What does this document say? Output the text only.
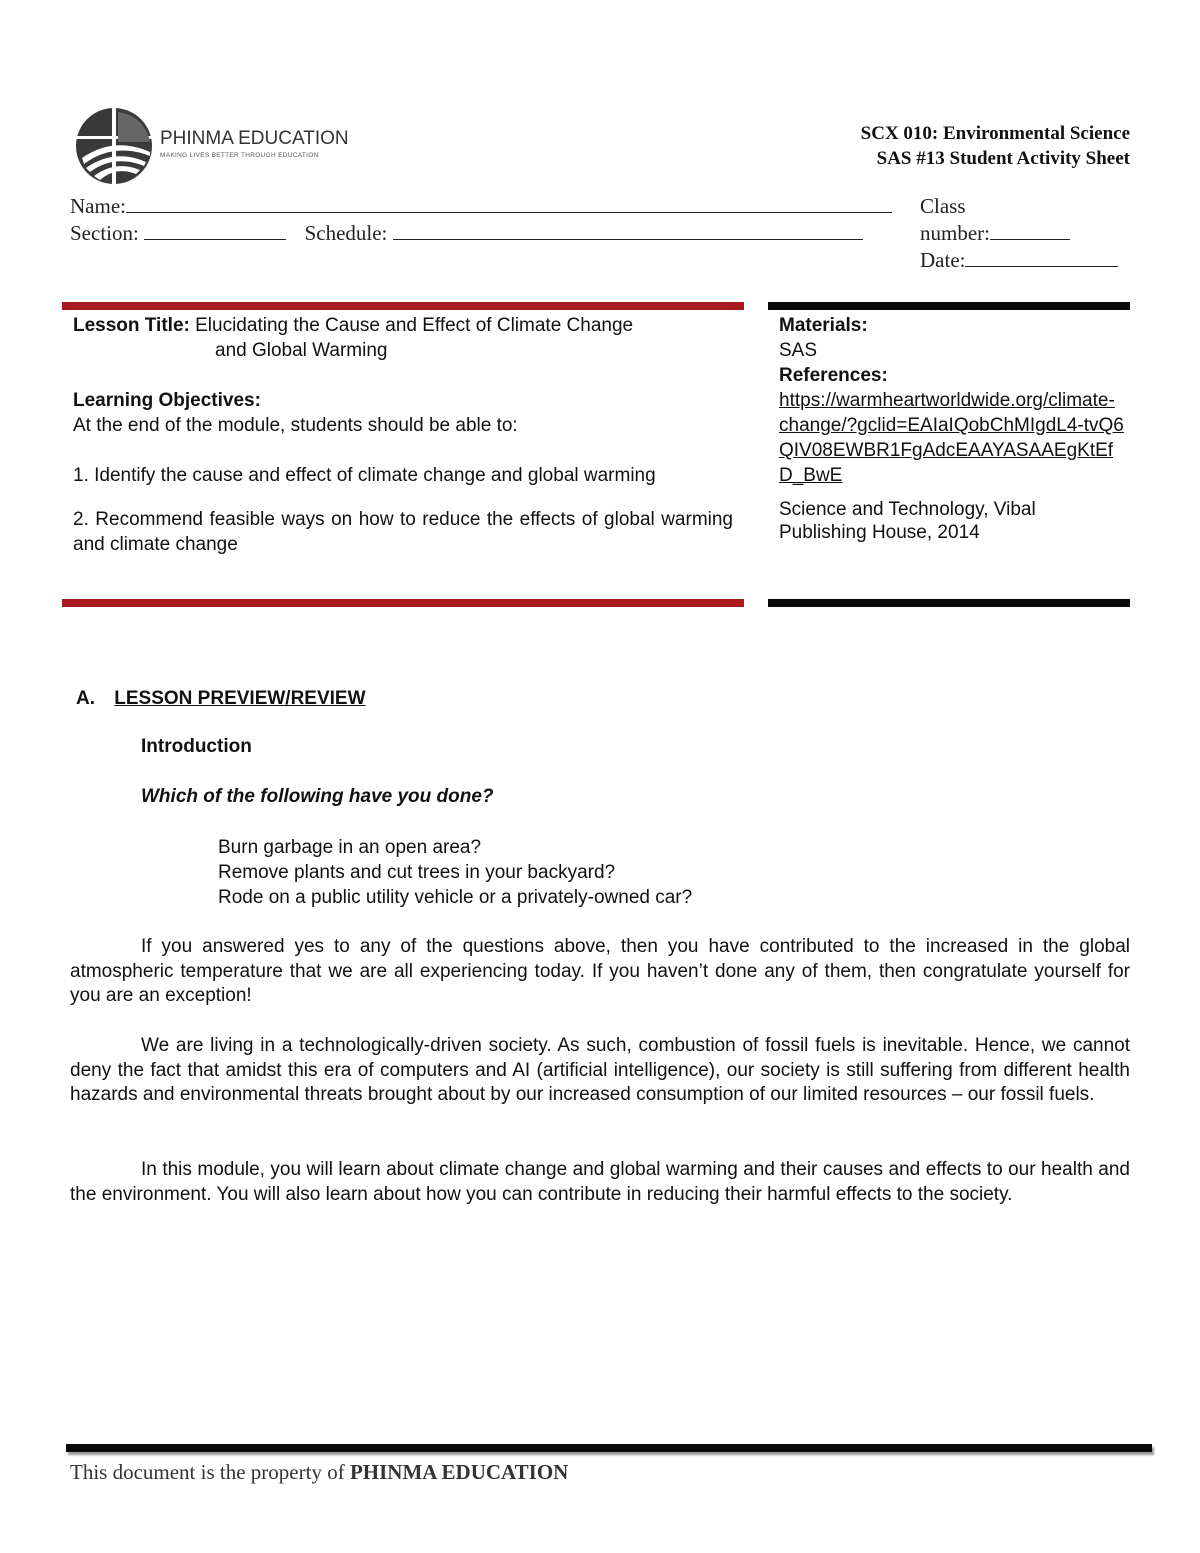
PHINMA EDUCATION
MAKING LIVES BETTER THROUGH EDUCATION
SCX 010: Environmental Science
SAS #13 Student Activity Sheet
Name:	Class
Section:	Schedule:	number:
Date:
Lesson Title: Elucidating the Cause and Effect of Climate Change
and Global Warming
Learning Objectives:
At the end of the module, students should be able to:
1. Identify the cause and effect of climate change and global warming
2. Recommend feasible ways on how to reduce the effects of global warming and climate change
Materials:
SAS
References:
https://warmheartworldwide.org/climate-change/?gclid=EAIaIQobChMIgdL4-tvQ6QIV08EWBR1FgAdcEAAYASAAEgKtEfD_BwE
Science and Technology, Vibal Publishing House, 2014
A. LESSON PREVIEW/REVIEW
Introduction
Which of the following have you done?
Burn garbage in an open area?
Remove plants and cut trees in your backyard?
Rode on a public utility vehicle or a privately-owned car?
If you answered yes to any of the questions above, then you have contributed to the increased in the global atmospheric temperature that we are all experiencing today. If you haven’t done any of them, then congratulate yourself for you are an exception!
We are living in a technologically-driven society. As such, combustion of fossil fuels is inevitable. Hence, we cannot deny the fact that amidst this era of computers and AI (artificial intelligence), our society is still suffering from different health hazards and environmental threats brought about by our increased consumption of our limited resources – our fossil fuels.
In this module, you will learn about climate change and global warming and their causes and effects to our health and the environment. You will also learn about how you can contribute in reducing their harmful effects to the society.
This document is the property of PHINMA EDUCATION
